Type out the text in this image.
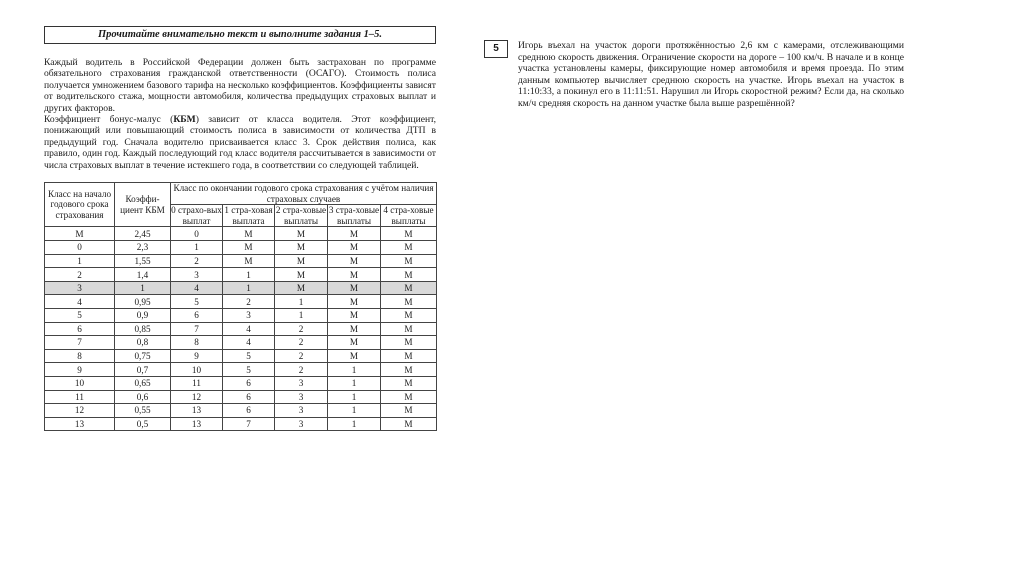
Прочитайте внимательно текст и выполните задания 1–5.

Каждый водитель в Российской Федерации должен быть застрахован по программе обязательного страхования гражданской ответственности (ОСАГО). Стоимость полиса получается умножением базового тарифа на несколько коэффициентов. Коэффициенты зависят от водительского стажа, мощности автомобиля, количества предыдущих страховых выплат и других факторов.

Коэффициент бонус-малус (КБМ) зависит от класса водителя. Этот коэффициент, понижающий или повышающий стоимость полиса в зависимости от количества ДТП в предыдущий год. Сначала водителю присваивается класс 3. Срок действия полиса, как правило, один год. Каждый последующий год класс водителя рассчитывается в зависимости от числа страховых выплат в течение истекшего года, в соответствии со следующей таблицей.

Класс на начало годового срока страхования	Коэффи-циент КБМ	Класс по окончании годового срока страхования с учётом наличия страховых случаев				
		0 страхо-вых выплат	1 стра-ховая выплата	2 стра-ховые выплаты	3 стра-ховые выплаты	4 стра-ховые выплаты
М	2,45	0	М	М	М	М
0	2,3	1	М	М	М	М
1	1,55	2	М	М	М	М
2	1,4	3	1	М	М	М
3	1	4	1	М	М	М
4	0,95	5	2	1	М	М
5	0,9	6	3	1	М	М
6	0,85	7	4	2	М	М
7	0,8	8	4	2	М	М
8	0,75	9	5	2	М	М
9	0,7	10	5	2	1	М
10	0,65	11	6	3	1	М
11	0,6	12	6	3	1	М
12	0,55	13	6	3	1	М
13	0,5	13	7	3	1	М
5	Игорь въехал на участок дороги протяжённостью 2,6 км с камерами, отслеживающими среднюю скорость движения. Ограничение скорости на дороге – 100 км/ч. В начале и в конце участка установлены камеры, фиксирующие номер автомобиля и время проезда. По этим данным компьютер вычисляет среднюю скорость на участке. Игорь въехал на участок в 11:10:33, а покинул его в 11:11:51. Нарушил ли Игорь скоростной режим? Если да, на сколько км/ч средняя скорость на данном участке была выше разрешённой?
